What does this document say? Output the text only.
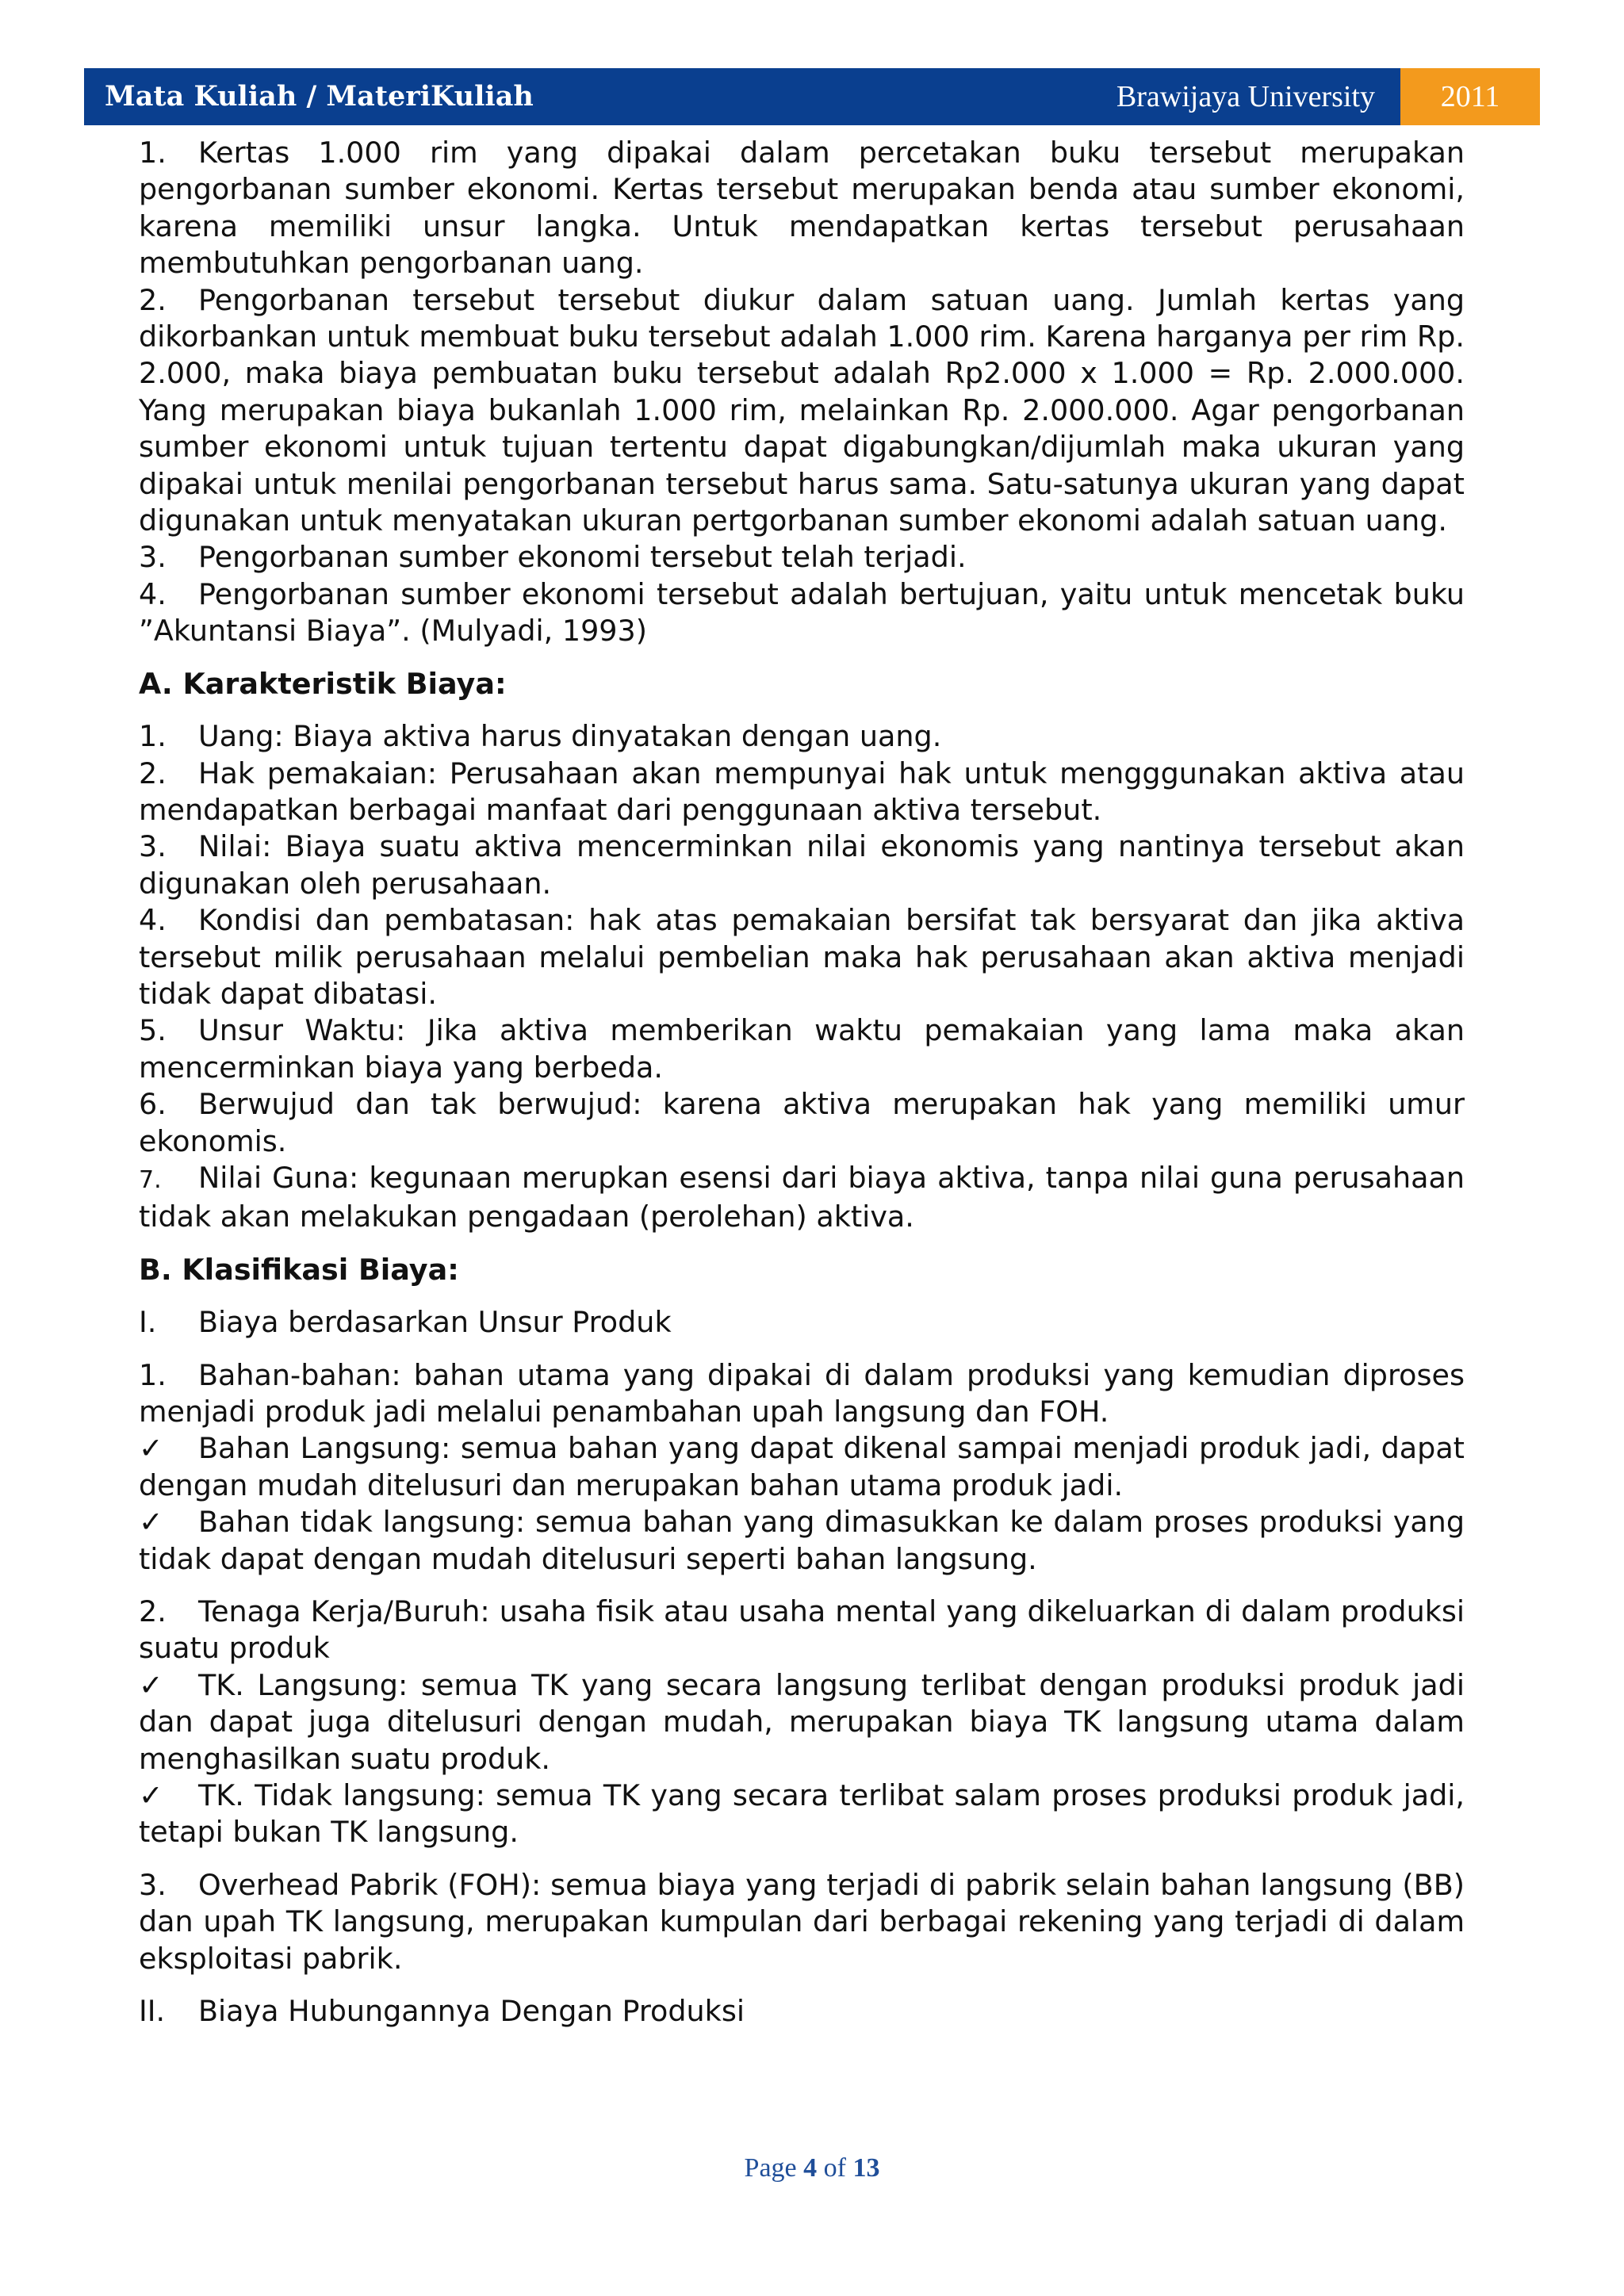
Mata Kuliah / MateriKuliah	Brawijaya University	2011

1. Kertas 1.000 rim yang dipakai dalam percetakan buku tersebut merupakan pengorbanan sumber ekonomi. Kertas tersebut merupakan benda atau sumber ekonomi, karena memiliki unsur langka. Untuk mendapatkan kertas tersebut perusahaan membutuhkan pengorbanan uang.

2. Pengorbanan tersebut tersebut diukur dalam satuan uang. Jumlah kertas yang dikorbankan untuk membuat buku tersebut adalah 1.000 rim. Karena harganya per rim Rp. 2.000, maka biaya pembuatan buku tersebut adalah Rp2.000 x 1.000 = Rp. 2.000.000. Yang merupakan biaya bukanlah 1.000 rim, melainkan Rp. 2.000.000. Agar pengorbanan sumber ekonomi untuk tujuan tertentu dapat digabungkan/dijumlah maka ukuran yang dipakai untuk menilai pengorbanan tersebut harus sama. Satu-satunya ukuran yang dapat digunakan untuk menyatakan ukuran pertgorbanan sumber ekonomi adalah satuan uang.

3. Pengorbanan sumber ekonomi tersebut telah terjadi.

4. Pengorbanan sumber ekonomi tersebut adalah bertujuan, yaitu untuk mencetak buku ”Akuntansi Biaya”. (Mulyadi, 1993)

A. Karakteristik Biaya:

1. Uang: Biaya aktiva harus dinyatakan dengan uang.

2. Hak pemakaian: Perusahaan akan mempunyai hak untuk mengggunakan aktiva atau mendapatkan berbagai manfaat dari penggunaan aktiva tersebut.

3. Nilai: Biaya suatu aktiva mencerminkan nilai ekonomis yang nantinya tersebut akan digunakan oleh perusahaan.

4. Kondisi dan pembatasan: hak atas pemakaian bersifat tak bersyarat dan jika aktiva tersebut milik perusahaan melalui pembelian maka hak perusahaan akan aktiva menjadi tidak dapat dibatasi.

5. Unsur Waktu: Jika aktiva memberikan waktu pemakaian yang lama maka akan mencerminkan biaya yang berbeda.

6. Berwujud dan tak berwujud: karena aktiva merupakan hak yang memiliki umur ekonomis.

7. Nilai Guna: kegunaan merupkan esensi dari biaya aktiva, tanpa nilai guna perusahaan tidak akan melakukan pengadaan (perolehan) aktiva.

B. Klasifikasi Biaya:

I. Biaya berdasarkan Unsur Produk

1. Bahan-bahan: bahan utama yang dipakai di dalam produksi yang kemudian diproses menjadi produk jadi melalui penambahan upah langsung dan FOH.

✓ Bahan Langsung: semua bahan yang dapat dikenal sampai menjadi produk jadi, dapat dengan mudah ditelusuri dan merupakan bahan utama produk jadi.

✓ Bahan tidak langsung: semua bahan yang dimasukkan ke dalam proses produksi yang tidak dapat dengan mudah ditelusuri seperti bahan langsung.

2. Tenaga Kerja/Buruh: usaha fisik atau usaha mental yang dikeluarkan di dalam produksi suatu produk

✓ TK. Langsung: semua TK yang secara langsung terlibat dengan produksi produk jadi dan dapat juga ditelusuri dengan mudah, merupakan biaya TK langsung utama dalam menghasilkan suatu produk.

✓ TK. Tidak langsung: semua TK yang secara terlibat salam proses produksi produk jadi, tetapi bukan TK langsung.

3. Overhead Pabrik (FOH): semua biaya yang terjadi di pabrik selain bahan langsung (BB) dan upah TK langsung, merupakan kumpulan dari berbagai rekening yang terjadi di dalam eksploitasi pabrik.

II. Biaya Hubungannya Dengan Produksi

Page 4 of 13
